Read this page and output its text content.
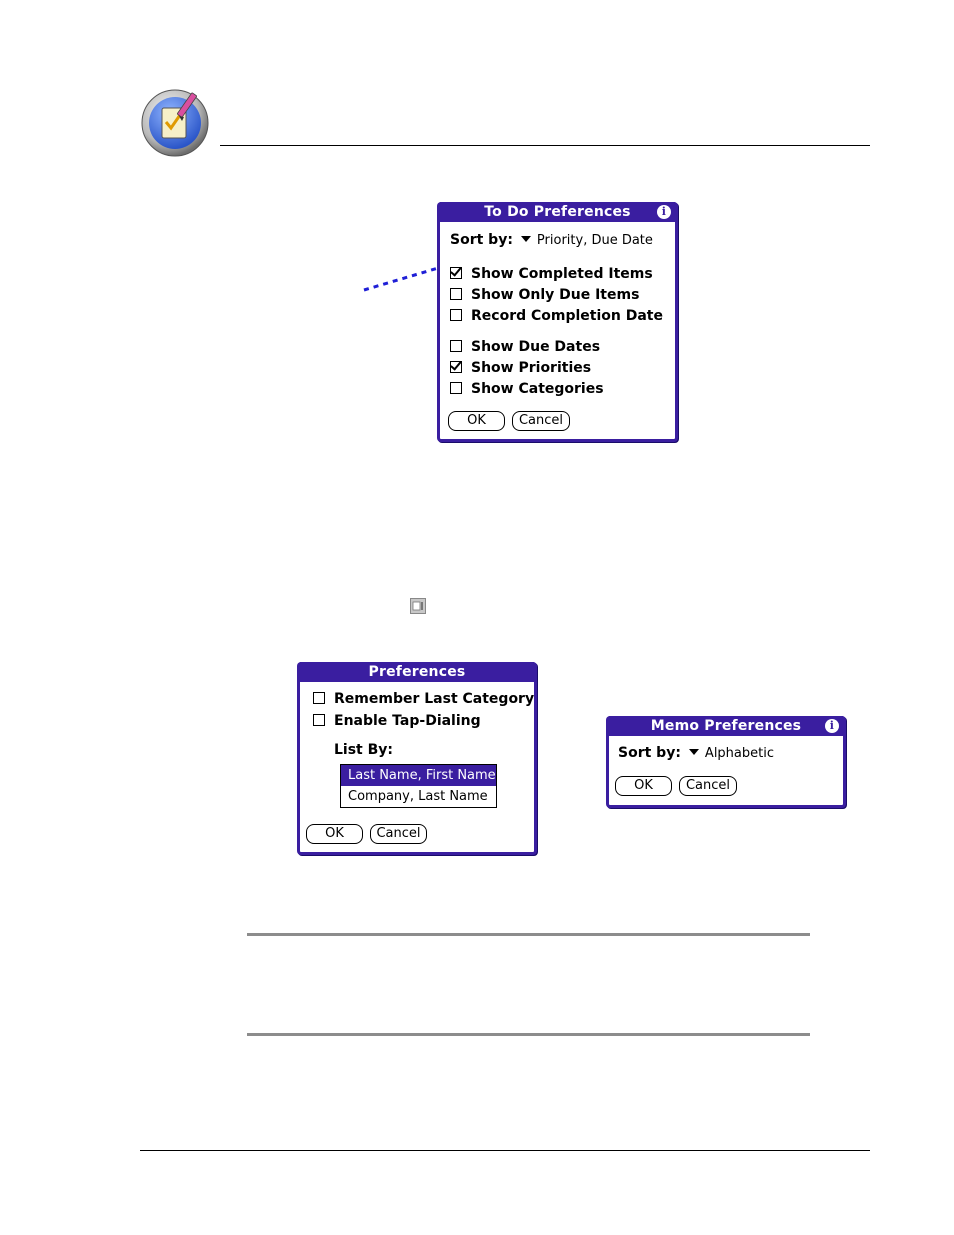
To Do Preferences	i
Sort by: Priority, Due Date
Show Completed Items
Show Only Due Items
Record Completion Date
Show Due Dates
Show Priorities
Show Categories
OK	Cancel
Preferences
Remember Last Category
Enable Tap-Dialing
List By:
Last Name, First Name
Company, Last Name
OK	Cancel
Memo Preferences	i
Sort by: Alphabetic
OK	Cancel
